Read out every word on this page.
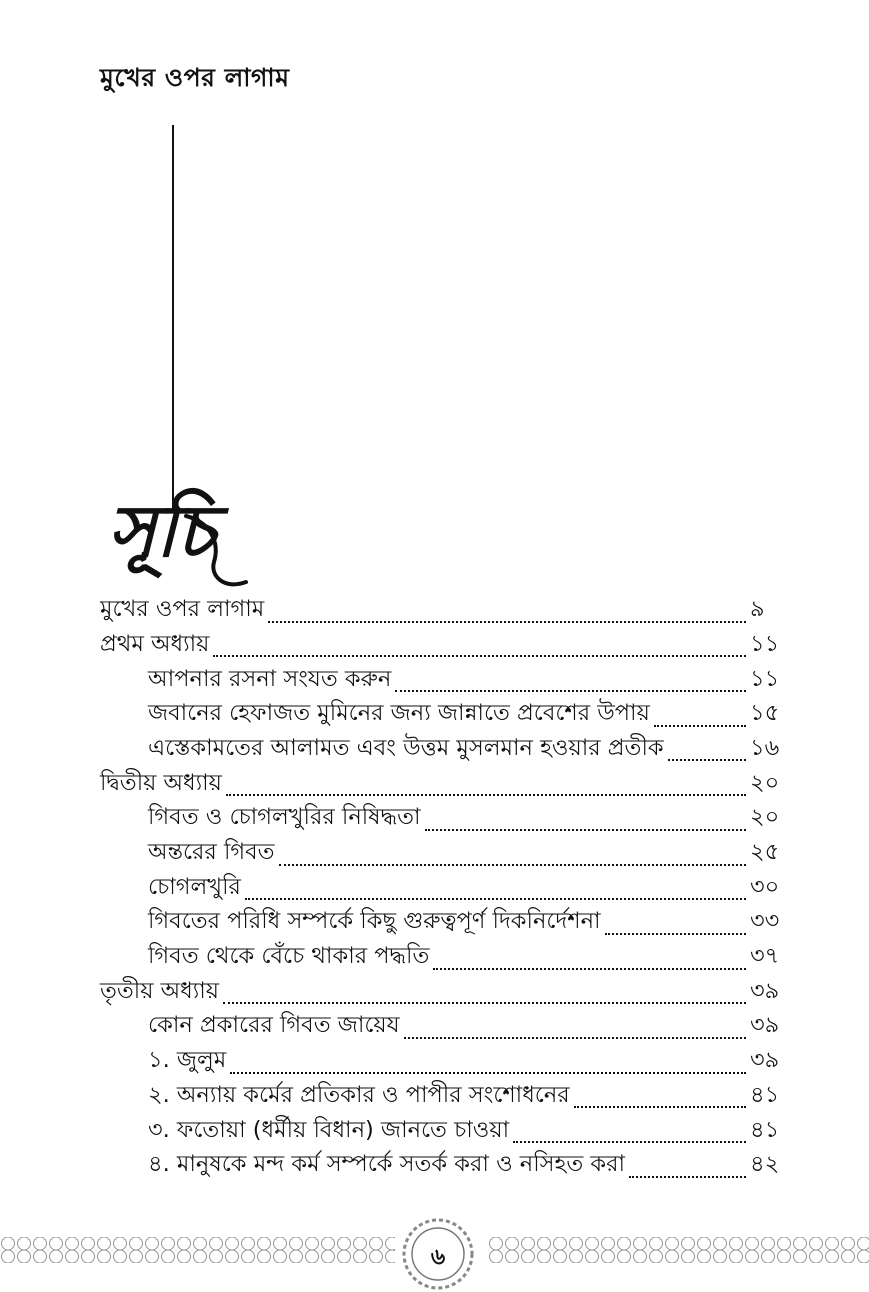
মুখের ওপর লাগাম
সূচি
মুখের ওপর লাগাম	৯
প্রথম অধ্যায়	১১
আপনার রসনা সংযত করুন	১১
জবানের হেফাজত মুমিনের জন্য জান্নাতে প্রবেশের উপায়	১৫
এস্তেকামতের আলামত এবং উত্তম মুসলমান হওয়ার প্রতীক	১৬
দ্বিতীয় অধ্যায়	২০
গিবত ও চোগলখুরির নিষিদ্ধতা	২০
অন্তরের গিবত	২৫
চোগলখুরি	৩০
গিবতের পরিধি সম্পর্কে কিছু গুরুত্বপূর্ণ দিকনির্দেশনা	৩৩
গিবত থেকে বেঁচে থাকার পদ্ধতি	৩৭
তৃতীয় অধ্যায়	৩৯
কোন প্রকারের গিবত জায়েয	৩৯
১. জুলুম	৩৯
২. অন্যায় কর্মের প্রতিকার ও পাপীর সংশোধনের	৪১
৩. ফতোয়া (ধর্মীয় বিধান) জানতে চাওয়া	৪১
৪. মানুষকে মন্দ কর্ম সম্পর্কে সতর্ক করা ও নসিহত করা	৪২
৬
